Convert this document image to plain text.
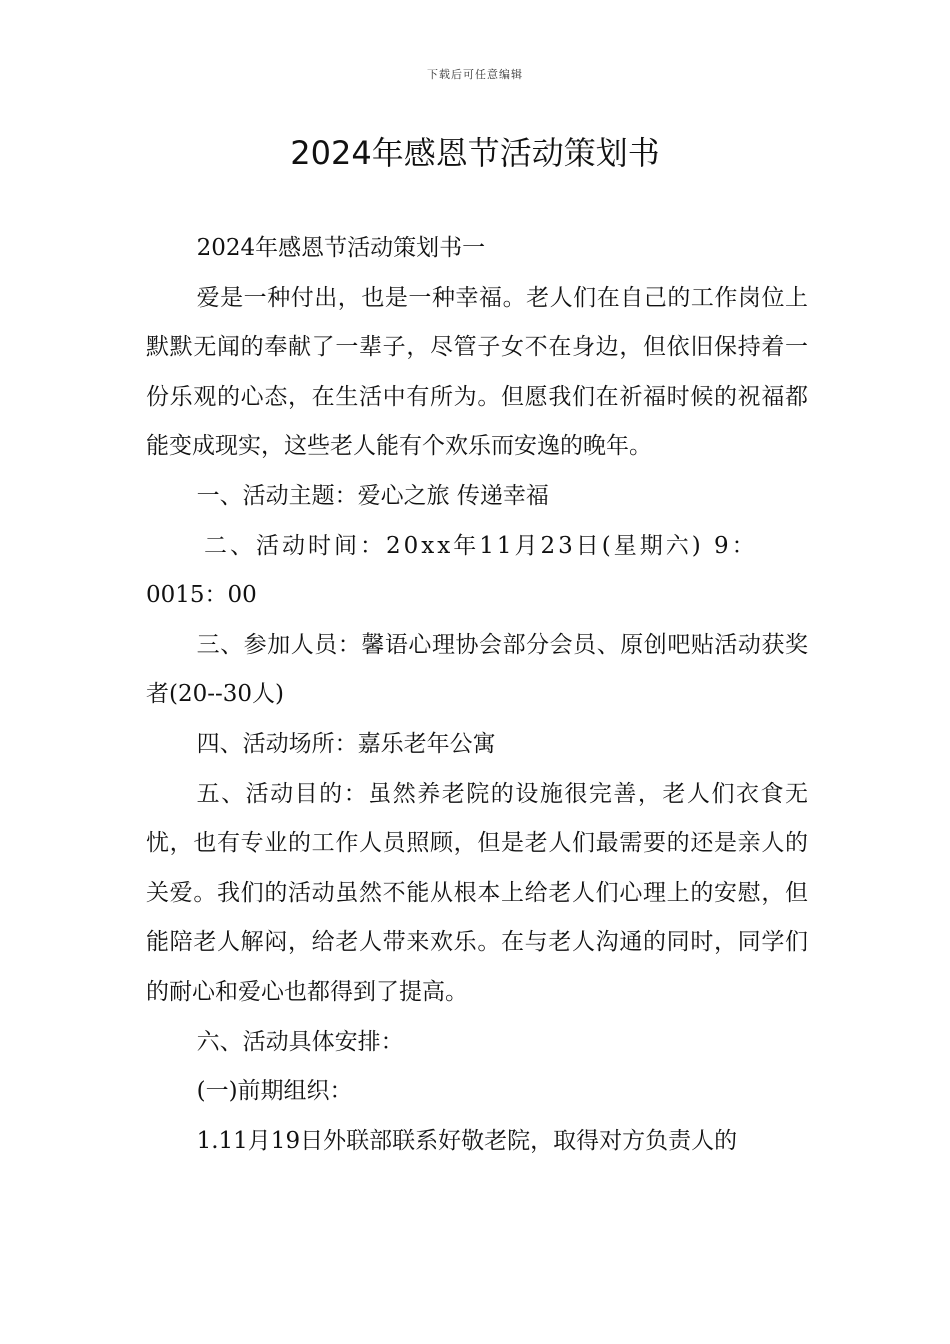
下载后可任意编辑
2024年感恩节活动策划书

2024年感恩节活动策划书一

爱是一种付出，也是一种幸福。老人们在自己的工作岗位上默默无闻的奉献了一辈子，尽管子女不在身边，但依旧保持着一份乐观的心态，在生活中有所为。但愿我们在祈福时候的祝福都能变成现实，这些老人能有个欢乐而安逸的晚年。

一、活动主题：爱心之旅 传递幸福

二、活动时间：20xx年11月23日(星期六) 9：

0015：00

三、参加人员：馨语心理协会部分会员、原创吧贴活动获奖者(20--30人)

四、活动场所：嘉乐老年公寓

五、活动目的：虽然养老院的设施很完善，老人们衣食无忧，也有专业的工作人员照顾，但是老人们最需要的还是亲人的关爱。我们的活动虽然不能从根本上给老人们心理上的安慰，但能陪老人解闷，给老人带来欢乐。在与老人沟通的同时，同学们的耐心和爱心也都得到了提高。

六、活动具体安排：

(一)前期组织：

1.11月19日外联部联系好敬老院，取得对方负责人的
